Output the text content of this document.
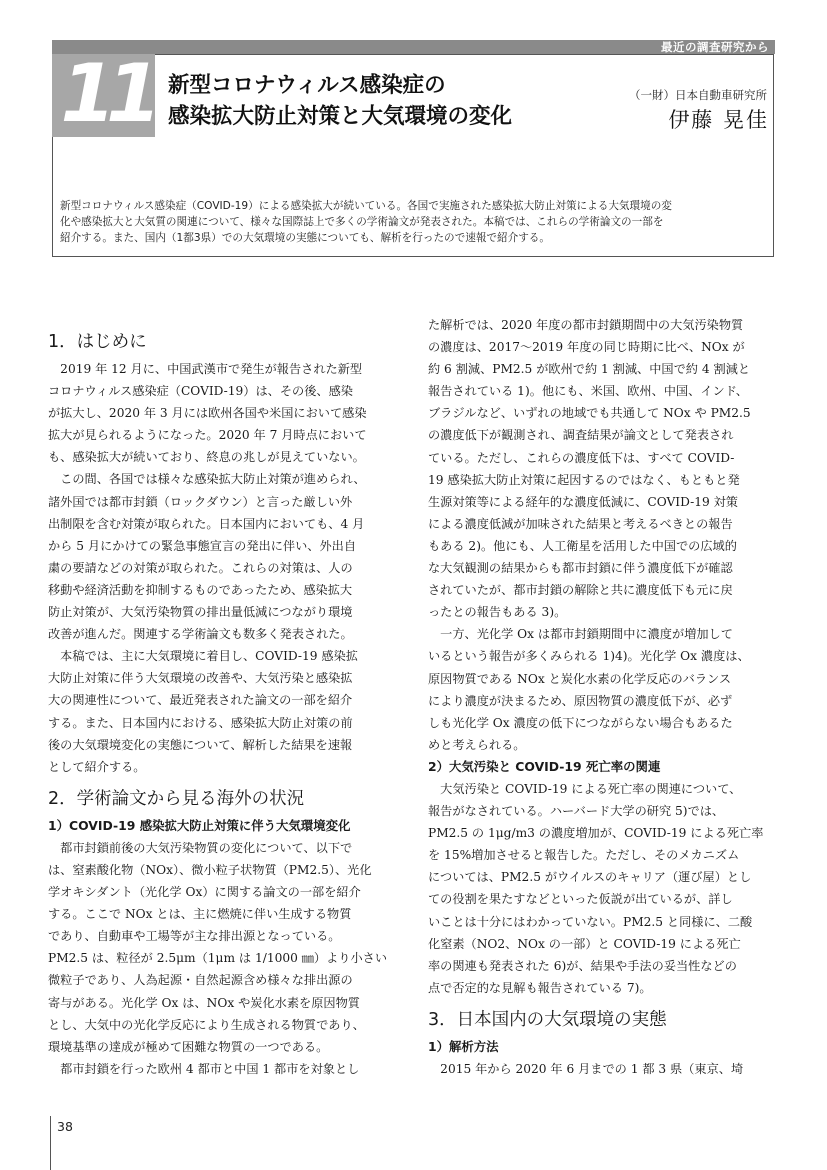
最近の調査研究から
11 新型コロナウィルス感染症の
感染拡大防止対策と大気環境の変化
（一財）日本自動車研究所
伊藤 晃佳
新型コロナウィルス感染症（COVID-19）による感染拡大が続いている。各国で実施された感染拡大防止対策による大気環境の変
化や感染拡大と大気質の関連について、様々な国際誌上で多くの学術論文が発表された。本稿では、これらの学術論文の一部を
紹介する。また、国内（1都3県）での大気環境の実態についても、解析を行ったので速報で紹介する。
1．はじめに

　2019 年 12 月に、中国武漢市で発生が報告された新型

コロナウィルス感染症（COVID-19）は、その後、感染

が拡大し、2020 年 3 月には欧州各国や米国において感染

拡大が見られるようになった。2020 年 7 月時点において

も、感染拡大が続いており、終息の兆しが見えていない。

　この間、各国では様々な感染拡大防止対策が進められ、

諸外国では都市封鎖（ロックダウン）と言った厳しい外

出制限を含む対策が取られた。日本国内においても、4 月

から 5 月にかけての緊急事態宣言の発出に伴い、外出自

粛の要請などの対策が取られた。これらの対策は、人の

移動や経済活動を抑制するものであったため、感染拡大

防止対策が、大気汚染物質の排出量低減につながり環境

改善が進んだ。関連する学術論文も数多く発表された。

　本稿では、主に大気環境に着目し、COVID-19 感染拡

大防止対策に伴う大気環境の改善や、大気汚染と感染拡

大の関連性について、最近発表された論文の一部を紹介

する。また、日本国内における、感染拡大防止対策の前

後の大気環境変化の実態について、解析した結果を速報

として紹介する。

2．学術論文から見る海外の状況
1）COVID-19 感染拡大防止対策に伴う大気環境変化

　都市封鎖前後の大気汚染物質の変化について、以下で

は、窒素酸化物（NOx）、微小粒子状物質（PM2.5）、光化

学オキシダント（光化学 Ox）に関する論文の一部を紹介

する。ここで NOx とは、主に燃焼に伴い生成する物質

であり、自動車や工場等が主な排出源となっている。

PM2.5 は、粒径が 2.5μm（1μm は 1/1000 ㎜）より小さい

微粒子であり、人為起源・自然起源含め様々な排出源の

寄与がある。光化学 Ox は、NOx や炭化水素を原因物質

とし、大気中の光化学反応により生成される物質であり、

環境基準の達成が極めて困難な物質の一つである。

　都市封鎖を行った欧州 4 都市と中国 1 都市を対象とし

た解析では、2020 年度の都市封鎖期間中の大気汚染物質

の濃度は、2017～2019 年度の同じ時期に比べ、NOx が

約 6 割減、PM2.5 が欧州で約 1 割減、中国で約 4 割減と

報告されている 1)。他にも、米国、欧州、中国、インド、

ブラジルなど、いずれの地域でも共通して NOx や PM2.5

の濃度低下が観測され、調査結果が論文として発表され

ている。ただし、これらの濃度低下は、すべて COVID-

19 感染拡大防止対策に起因するのではなく、もともと発

生源対策等による経年的な濃度低減に、COVID-19 対策

による濃度低減が加味された結果と考えるべきとの報告

もある 2)。他にも、人工衛星を活用した中国での広域的

な大気観測の結果からも都市封鎖に伴う濃度低下が確認

されていたが、都市封鎖の解除と共に濃度低下も元に戻

ったとの報告もある 3)。

　一方、光化学 Ox は都市封鎖期間中に濃度が増加して

いるという報告が多くみられる 1)4)。光化学 Ox 濃度は、

原因物質である NOx と炭化水素の化学反応のバランス

により濃度が決まるため、原因物質の濃度低下が、必ず

しも光化学 Ox 濃度の低下につながらない場合もあるた

めと考えられる。

2）大気汚染と COVID-19 死亡率の関連

　大気汚染と COVID-19 による死亡率の関連について、

報告がなされている。ハーバード大学の研究 5)では、

PM2.5 の 1μg/m3 の濃度増加が、COVID-19 による死亡率

を 15%増加させると報告した。ただし、そのメカニズム

については、PM2.5 がウイルスのキャリア（運び屋）とし

ての役割を果たすなどといった仮説が出ているが、詳し

いことは十分にはわかっていない。PM2.5 と同様に、二酸

化窒素（NO2、NOx の一部）と COVID-19 による死亡

率の関連も発表された 6)が、結果や手法の妥当性などの

点で否定的な見解も報告されている 7)。

3．日本国内の大気環境の実態
1）解析方法

　2015 年から 2020 年 6 月までの 1 都 3 県（東京、埼

38
